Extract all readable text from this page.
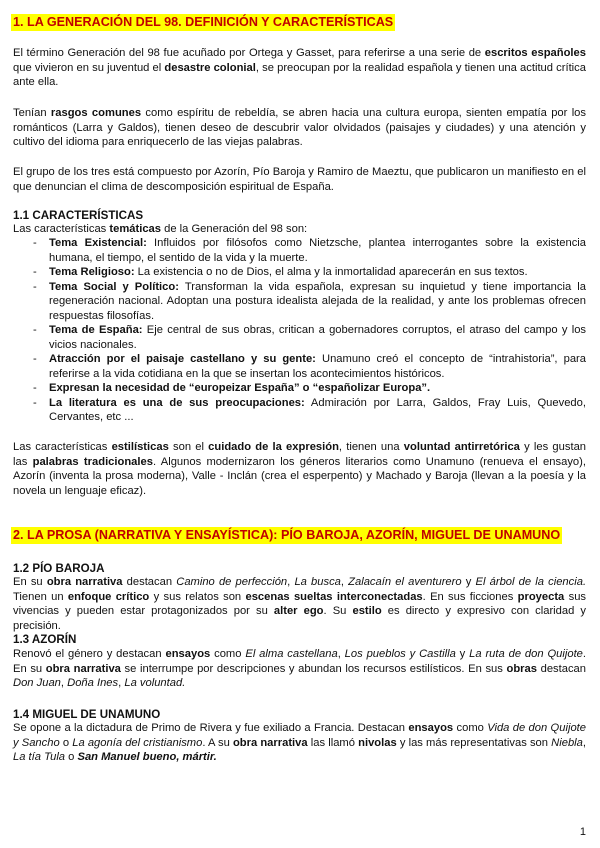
1. LA GENERACIÓN DEL 98. DEFINICIÓN Y CARACTERÍSTICAS

El término Generación del 98 fue acuñado por Ortega y Gasset, para referirse a una serie de escritos españoles que vivieron en su juventud el desastre colonial, se preocupan por la realidad española y tienen una actitud crítica ante ella.

Tenían rasgos comunes como espíritu de rebeldía, se abren hacia una cultura europa, sienten empatía por los románticos (Larra y Galdos), tienen deseo de descubrir valor olvidados (paisajes y ciudades) y una atención y cultivo del idioma para enriquecerlo de las viejas palabras.

El grupo de los tres está compuesto por Azorín, Pío Baroja y Ramiro de Maeztu, que publicaron un manifiesto en el que denuncian el clima de descomposición espiritual de España.

1.1 CARACTERÍSTICAS

Las características temáticas de la Generación del 98 son:

- Tema Existencial: Influidos por filósofos como Nietzsche, plantea interrogantes sobre la existencia humana, el tiempo, el sentido de la vida y la muerte.
- Tema Religioso: La existencia o no de Dios, el alma y la inmortalidad aparecerán en sus textos.
- Tema Social y Político: Transforman la vida española, expresan su inquietud y tiene importancia la regeneración nacional. Adoptan una postura idealista alejada de la realidad, y ante los problemas ofrecen respuestas filosofías.
- Tema de España: Eje central de sus obras, critican a gobernadores corruptos, el atraso del campo y los vicios nacionales.
- Atracción por el paisaje castellano y su gente: Unamuno creó el concepto de “intrahistoria”, para referirse a la vida cotidiana en la que se insertan los acontecimientos históricos.
- Expresan la necesidad de “europeizar España” o “españolizar Europa”.
- La literatura es una de sus preocupaciones: Admiración por Larra, Galdos, Fray Luis, Quevedo, Cervantes, etc ...

Las características estilísticas son el cuidado de la expresión, tienen una voluntad antirretórica y les gustan las palabras tradicionales. Algunos modernizaron los géneros literarios como Unamuno (renueva el ensayo), Azorín (inventa la prosa moderna), Valle - Inclán (crea el esperpento) y Machado y Baroja (llevan a la poesía y la novela un lenguaje eficaz).

2. LA PROSA (NARRATIVA Y ENSAYÍSTICA): PÍO BAROJA, AZORÍN, MIGUEL DE UNAMUNO
1.2 PÍO BAROJA

En su obra narrativa destacan Camino de perfección, La busca, Zalacaín el aventurero y El árbol de la ciencia. Tienen un enfoque crítico y sus relatos son escenas sueltas interconectadas. En sus ficciones proyecta sus vivencias y pueden estar protagonizados por su alter ego. Su estilo es directo y expresivo con claridad y precisión.

1.3 AZORÍN

Renovó el género y destacan ensayos como El alma castellana, Los pueblos y Castilla y La ruta de don Quijote. En su obra narrativa se interrumpe por descripciones y abundan los recursos estilísticos. En sus obras destacan Don Juan, Doña Ines, La voluntad.

1.4 MIGUEL DE UNAMUNO

Se opone a la dictadura de Primo de Rivera y fue exiliado a Francia. Destacan ensayos como Vida de don Quijote y Sancho o La agonía del cristianismo. A su obra narrativa las llamó nivolas y las más representativas son Niebla, La tía Tula o San Manuel bueno, mártir.

1
